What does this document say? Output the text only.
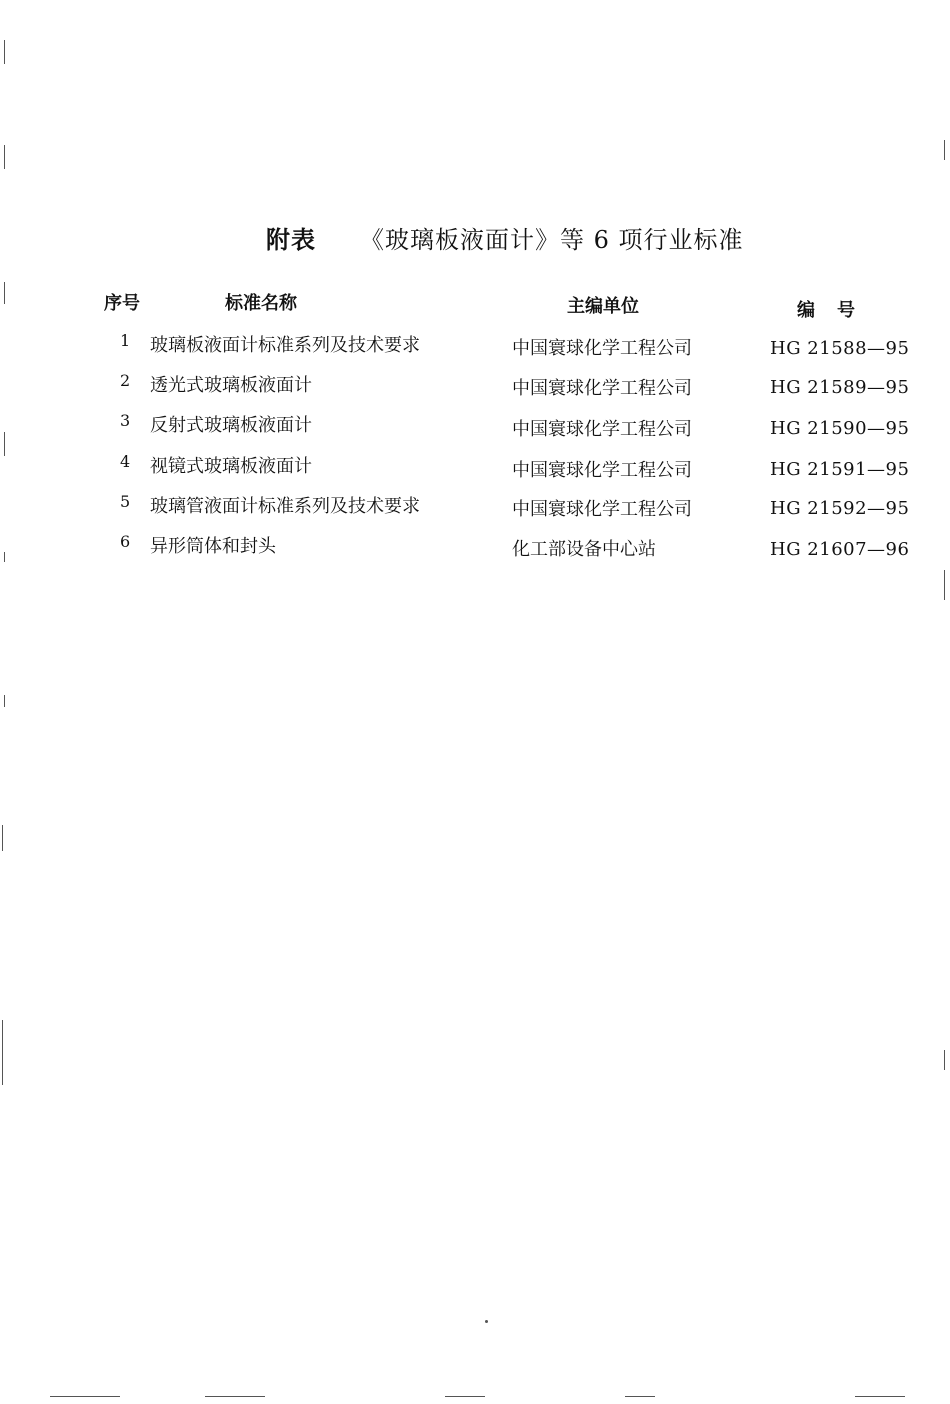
附表 《玻璃板液面计》等 6 项行业标准
序号	标准名称	主编单位	编号
1 玻璃板液面计标准系列及技术要求	中国寰球化学工程公司	HG 21588—95
2 透光式玻璃板液面计	中国寰球化学工程公司	HG 21589—95
3 反射式玻璃板液面计	中国寰球化学工程公司	HG 21590—95
4 视镜式玻璃板液面计	中国寰球化学工程公司	HG 21591—95
5 玻璃管液面计标准系列及技术要求	中国寰球化学工程公司	HG 21592—95
6 异形筒体和封头	化工部设备中心站	HG 21607—96
